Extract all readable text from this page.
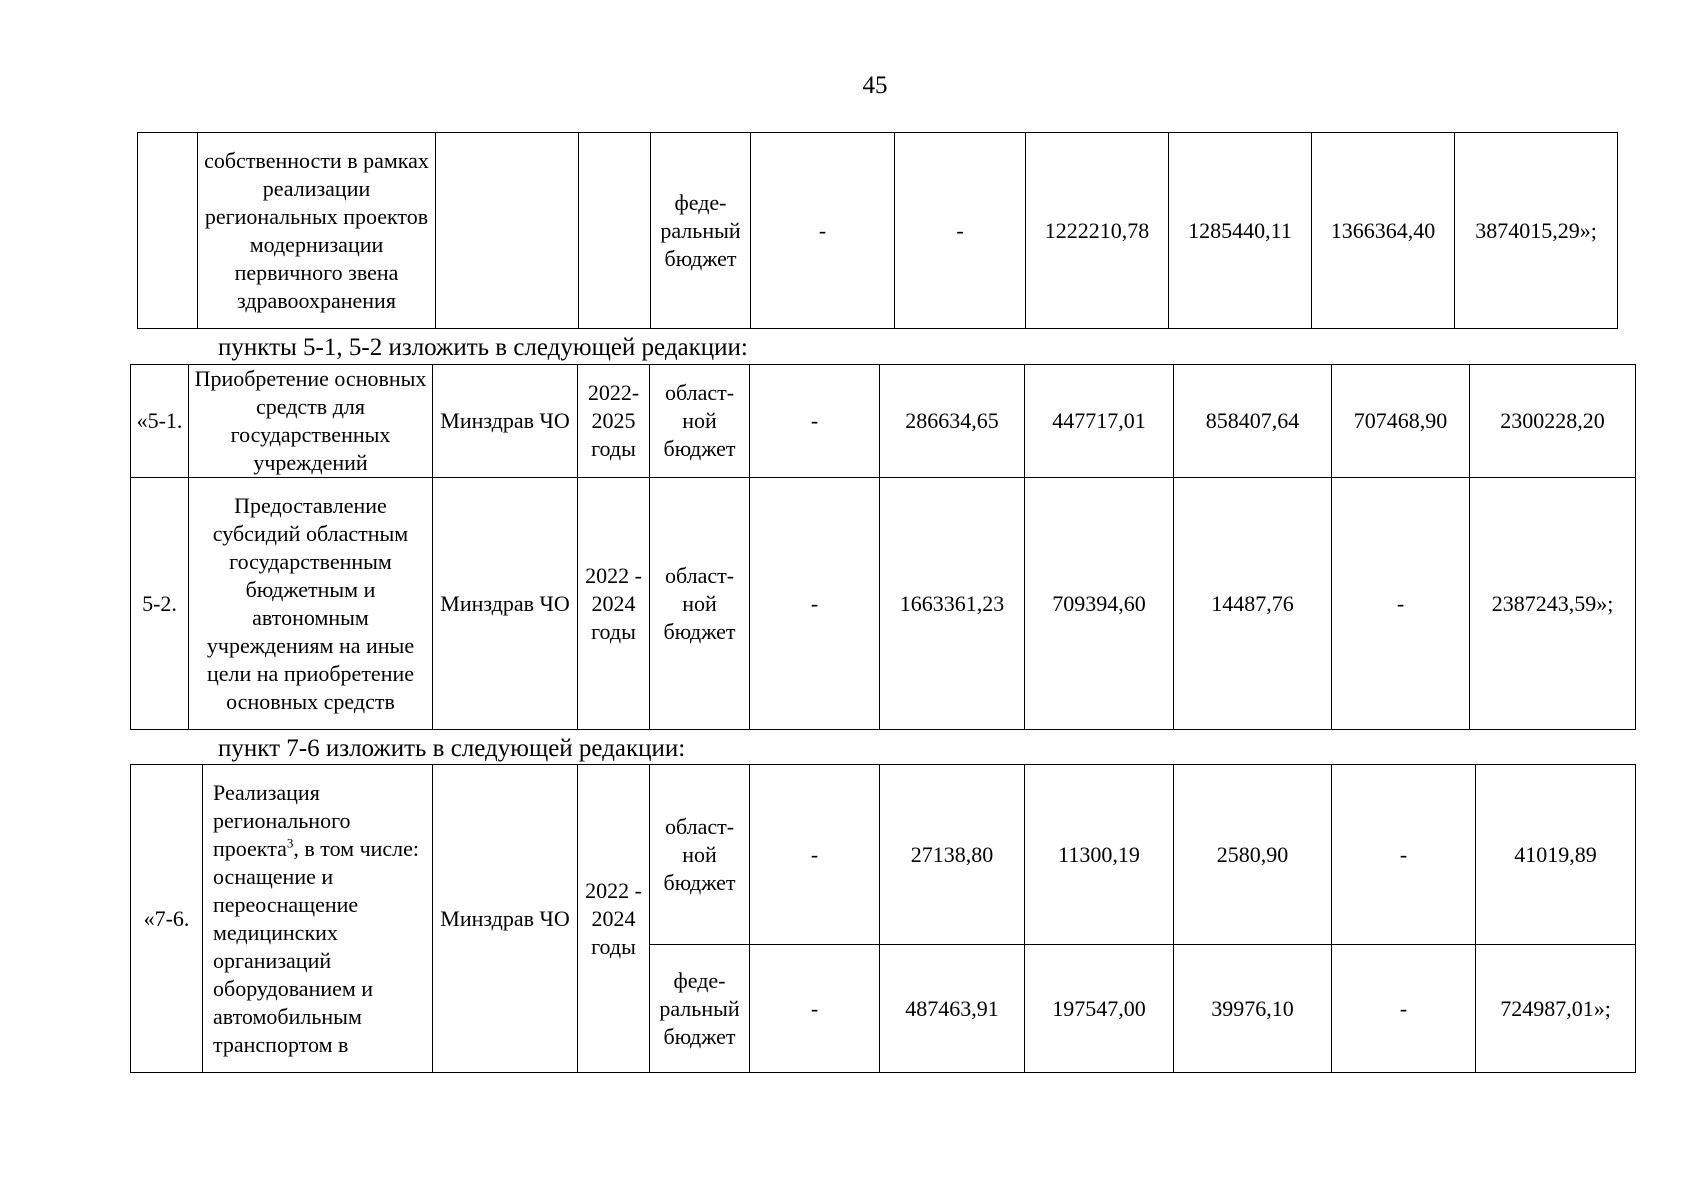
45
	собственности в рамках реализации региональных проектов модернизации первичного звена здравоохранения			феде-ральный бюджет	-	-	1222210,78	1285440,11	1366364,40	3874015,29»;
пункты 5-1, 5-2 изложить в следующей редакции:
«5-1.	Приобретение основных средств для государственных учреждений	Минздрав ЧО	2022-2025 годы	област-ной бюджет	-	286634,65	447717,01	858407,64	707468,90	2300228,20
5-2.	Предоставление субсидий областным государственным бюджетным и автономным учреждениям на иные цели на приобретение основных средств	Минздрав ЧО	2022 - 2024 годы	област-ной бюджет	-	1663361,23	709394,60	14487,76	-	2387243,59»;
пункт 7-6 изложить в следующей редакции:
«7-6.	Реализация регионального проекта$^3$, в том числе: оснащение и переоснащение медицинских организаций оборудованием и автомобильным транспортом в	Минздрав ЧО	2022 - 2024 годы	област-ной бюджет	-	27138,80	11300,19	2580,90	-	41019,89
				феде-ральный бюджет	-	487463,91	197547,00	39976,10	-	724987,01»;
